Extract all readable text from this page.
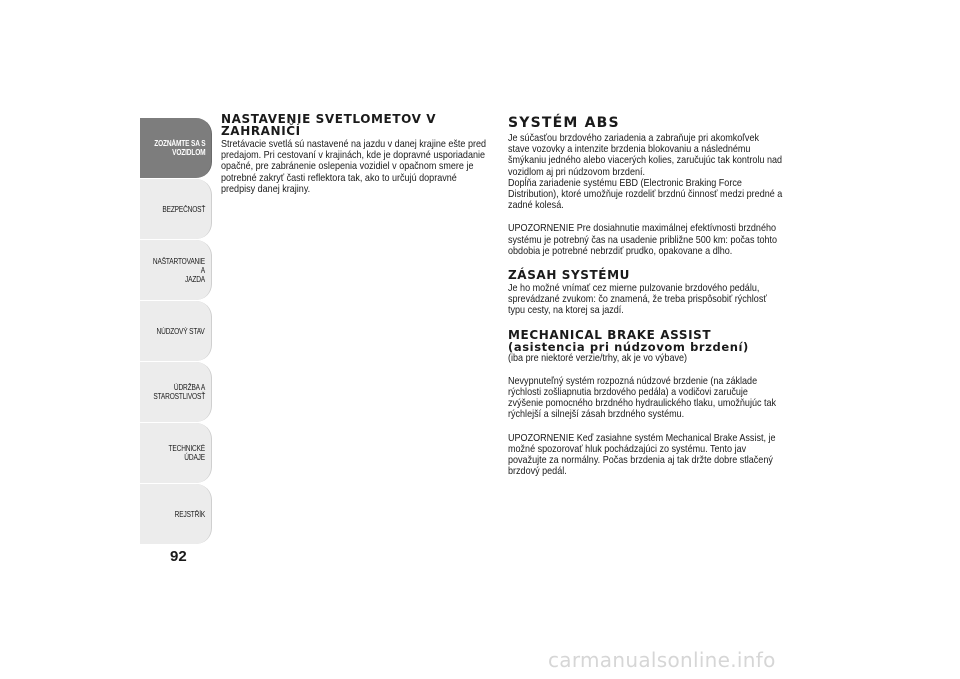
ZOZNÁMTE SA S
VOZIDLOM
BEZPEČNOSŤ
NAŠTARTOVANIE A
JAZDA
NÚDZOVÝ STAV
ÚDRŽBA A
STAROSTLIVOSŤ
TECHNICKÉ ÚDAJE
REJSTŘÍK
92
NASTAVENIE SVETLOMETOV V ZAHRANIČÍ

Stretávacie svetlá sú nastavené na jazdu v danej krajine ešte pred predajom. Pri cestovaní v krajinách, kde je dopravné usporiadanie opačné, pre zabránenie oslepenia vozidiel v opačnom smere je potrebné zakryť časti reflektora tak, ako to určujú dopravné predpisy danej krajiny.

SYSTÉM ABS

Je súčasťou brzdového zariadenia a zabraňuje pri akomkoľvek stave vozovky a intenzite brzdenia blokovaniu a následnému šmýkaniu jedného alebo viacerých kolies, zaručujúc tak kontrolu nad vozidlom aj pri núdzovom brzdení.

Dopĺňa zariadenie systému EBD (Electronic Braking Force Distribution), ktoré umožňuje rozdeliť brzdnú činnosť medzi predné a zadné kolesá.

UPOZORNENIE Pre dosiahnutie maximálnej efektívnosti brzdného systému je potrebný čas na usadenie približne 500 km: počas tohto obdobia je potrebné nebrzdiť prudko, opakovane a dlho.

ZÁSAH SYSTÉMU

Je ho možné vnímať cez mierne pulzovanie brzdového pedálu, sprevádzané zvukom: čo znamená, že treba prispôsobiť rýchlosť typu cesty, na ktorej sa jazdí.

MECHANICAL BRAKE ASSIST
(asistencia pri núdzovom brzdení)

(iba pre niektoré verzie/trhy, ak je vo výbave)

Nevypnuteľný systém rozpozná núdzové brzdenie (na základe rýchlosti zošliapnutia brzdového pedála) a vodičovi zaručuje zvýšenie pomocného brzdného hydraulického tlaku, umožňujúc tak rýchlejší a silnejší zásah brzdného systému.

UPOZORNENIE Keď zasiahne systém Mechanical Brake Assist, je možné spozorovať hluk pochádzajúci zo systému. Tento jav považujte za normálny. Počas brzdenia aj tak držte dobre stlačený brzdový pedál.

carmanualsonline.info
